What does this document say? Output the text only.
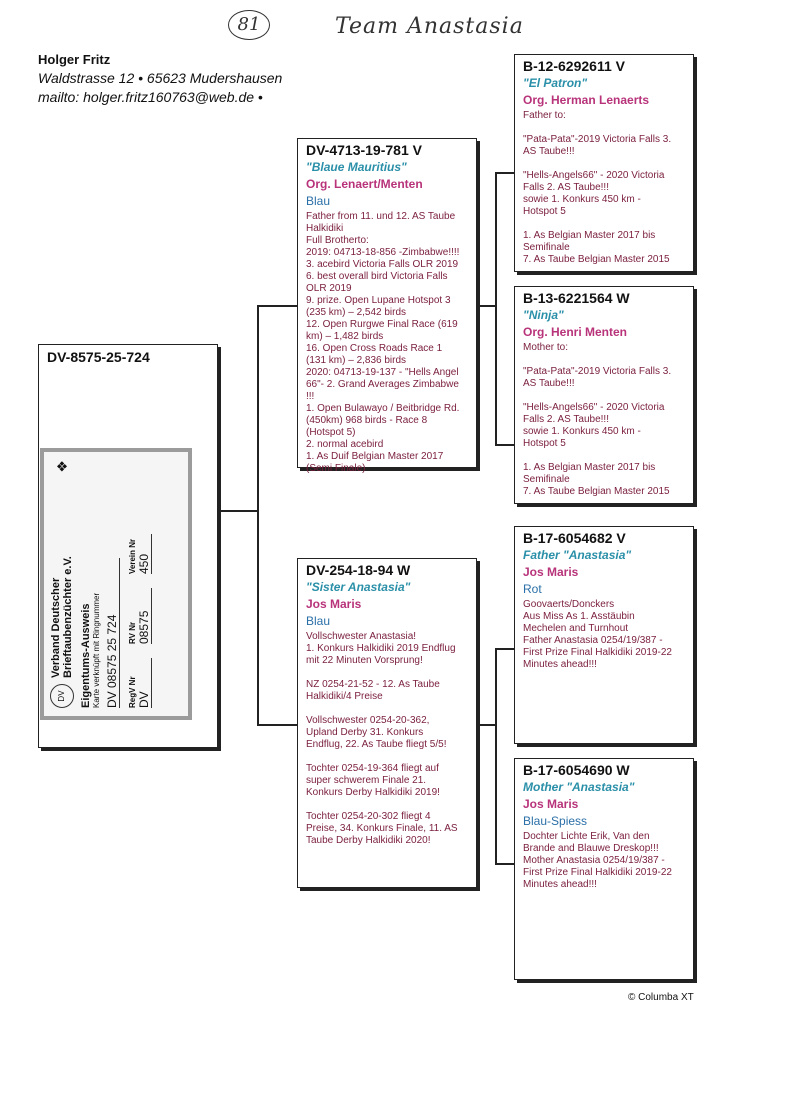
81	Team Anastasia
Holger Fritz
Waldstrasse 12 • 65623 Mudershausen
mailto: holger.fritz160763@web.de •
DV-8575-25-724
DV
Verband Deutscher Brieftaubenzüchter e.V.
❖
Eigentums-Ausweis Karte verknüpft mit Ringnummer DV 08575 25 724 RegV Nr DV
RV Nr 08575
Verein Nr 450
DV-4713-19-781 V
"Blaue Mauritius"
Org. Lenaert/Menten
Blau
Father from 11. und 12. AS Taube
Halkidiki
Full Brotherto:
2019: 04713-18-856 -Zimbabwe!!!!
3. acebird Victoria Falls OLR 2019
6. best overall bird Victoria Falls
OLR 2019
9. prize. Open Lupane Hotspot 3
(235 km) – 2,542 birds
12. Open Rurgwe Final Race (619
km) – 1,482 birds
16. Open Cross Roads Race 1
(131 km) – 2,836 birds
2020: 04713-19-137 - "Hells Angel
66"- 2. Grand Averages Zimbabwe
!!!
1. Open Bulawayo / Beitbridge Rd.
(450km) 968 birds - Race 8
(Hotspot 5)
2. normal acebird
1. As Duif Belgian Master 2017
(Semi Finale)
DV-254-18-94 W
"Sister Anastasia"
Jos Maris
Blau
Vollschwester Anastasia!
1. Konkurs Halkidiki 2019 Endflug
mit 22 Minuten Vorsprung!

NZ 0254-21-52 - 12. As Taube
Halkidiki/4 Preise

Vollschwester 0254-20-362,
Upland Derby 31. Konkurs
Endflug, 22. As Taube fliegt 5/5!

Tochter 0254-19-364 fliegt auf
super schwerem Finale 21.
Konkurs Derby Halkidiki 2019!

Tochter 0254-20-302 fliegt 4
Preise, 34. Konkurs Finale, 11. AS
Taube Derby Halkidiki 2020!
B-12-6292611 V
"El Patron"
Org. Herman Lenaerts
Father to:

"Pata-Pata"-2019 Victoria Falls 3.
AS Taube!!!

"Hells-Angels66" - 2020 Victoria
Falls 2. AS Taube!!!
sowie 1. Konkurs 450 km -
Hotspot 5

1. As Belgian Master 2017 bis
Semifinale
7. As Taube Belgian Master 2015
B-13-6221564 W
"Ninja"
Org. Henri Menten
Mother to:

"Pata-Pata"-2019 Victoria Falls 3.
AS Taube!!!

"Hells-Angels66" - 2020 Victoria
Falls 2. AS Taube!!!
sowie 1. Konkurs 450 km -
Hotspot 5

1. As Belgian Master 2017 bis
Semifinale
7. As Taube Belgian Master 2015
B-17-6054682 V
Father "Anastasia"
Jos Maris
Rot
Goovaerts/Donckers
Aus Miss As 1. Asstäubin
Mechelen and Turnhout
Father Anastasia 0254/19/387 -
First Prize Final Halkidiki 2019-22
Minutes ahead!!!
B-17-6054690 W
Mother "Anastasia"
Jos Maris
Blau-Spiess
Dochter Lichte Erik, Van den
Brande and Blauwe Dreskop!!!
Mother Anastasia 0254/19/387 -
First Prize Final Halkidiki 2019-22
Minutes ahead!!!
© Columba XT
